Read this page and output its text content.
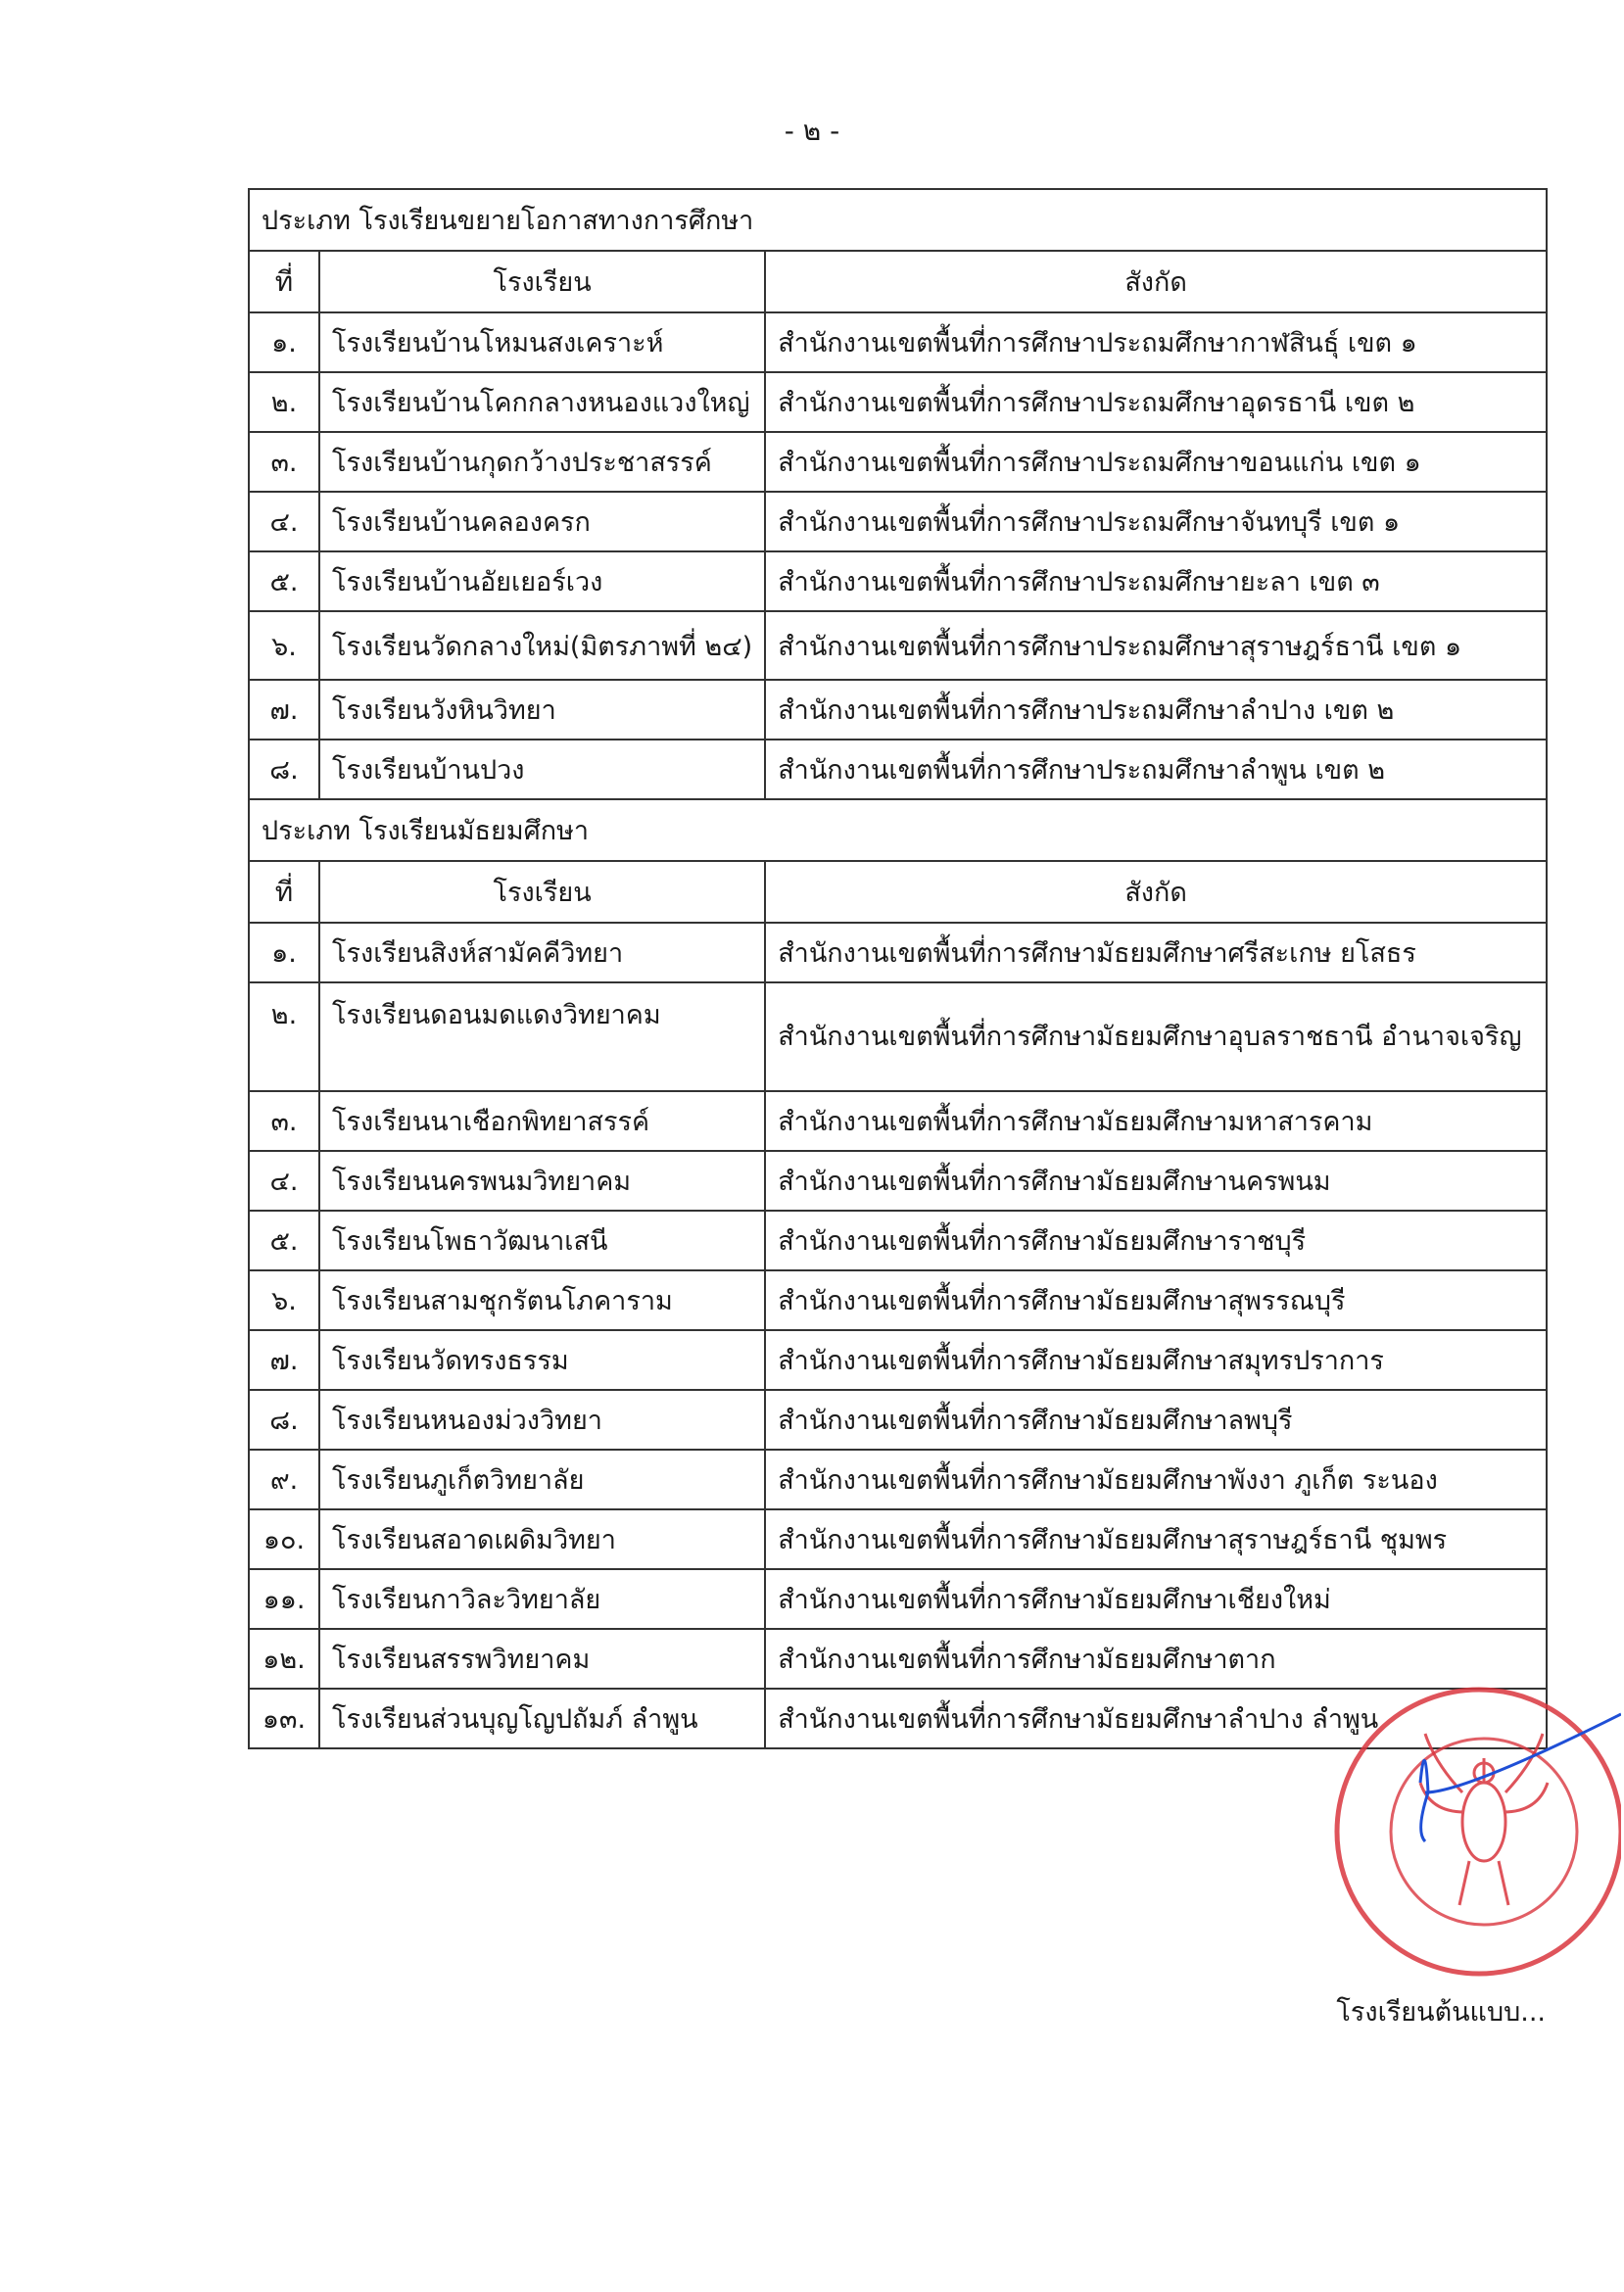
- ๒ -
ประเภท โรงเรียนขยายโอกาสทางการศึกษา		
ที่	โรงเรียน	สังกัด
๑.	โรงเรียนบ้านโหมนสงเคราะห์	สำนักงานเขตพื้นที่การศึกษาประถมศึกษากาฬสินธุ์ เขต ๑
๒.	โรงเรียนบ้านโคกกลางหนองแวงใหญ่	สำนักงานเขตพื้นที่การศึกษาประถมศึกษาอุดรธานี เขต ๒
๓.	โรงเรียนบ้านกุดกว้างประชาสรรค์	สำนักงานเขตพื้นที่การศึกษาประถมศึกษาขอนแก่น เขต ๑
๔.	โรงเรียนบ้านคลองครก	สำนักงานเขตพื้นที่การศึกษาประถมศึกษาจันทบุรี เขต ๑
๕.	โรงเรียนบ้านอัยเยอร์เวง	สำนักงานเขตพื้นที่การศึกษาประถมศึกษายะลา เขต ๓
๖.	โรงเรียนวัดกลางใหม่(มิตรภาพที่ ๒๔)	สำนักงานเขตพื้นที่การศึกษาประถมศึกษาสุราษฎร์ธานี เขต ๑
๗.	โรงเรียนวังหินวิทยา	สำนักงานเขตพื้นที่การศึกษาประถมศึกษาลำปาง เขต ๒
๘.	โรงเรียนบ้านปวง	สำนักงานเขตพื้นที่การศึกษาประถมศึกษาลำพูน เขต ๒
ประเภท โรงเรียนมัธยมศึกษา		
ที่	โรงเรียน	สังกัด
๑.	โรงเรียนสิงห์สามัคคีวิทยา	สำนักงานเขตพื้นที่การศึกษามัธยมศึกษาศรีสะเกษ ยโสธร
๒.	โรงเรียนดอนมดแดงวิทยาคม	สำนักงานเขตพื้นที่การศึกษามัธยมศึกษาอุบลราชธานี อำนาจเจริญ
๓.	โรงเรียนนาเชือกพิทยาสรรค์	สำนักงานเขตพื้นที่การศึกษามัธยมศึกษามหาสารคาม
๔.	โรงเรียนนครพนมวิทยาคม	สำนักงานเขตพื้นที่การศึกษามัธยมศึกษานครพนม
๕.	โรงเรียนโพธาวัฒนาเสนี	สำนักงานเขตพื้นที่การศึกษามัธยมศึกษาราชบุรี
๖.	โรงเรียนสามชุกรัตนโภคาราม	สำนักงานเขตพื้นที่การศึกษามัธยมศึกษาสุพรรณบุรี
๗.	โรงเรียนวัดทรงธรรม	สำนักงานเขตพื้นที่การศึกษามัธยมศึกษาสมุทรปราการ
๘.	โรงเรียนหนองม่วงวิทยา	สำนักงานเขตพื้นที่การศึกษามัธยมศึกษาลพบุรี
๙.	โรงเรียนภูเก็ตวิทยาลัย	สำนักงานเขตพื้นที่การศึกษามัธยมศึกษาพังงา ภูเก็ต ระนอง
๑๐.	โรงเรียนสอาดเผดิมวิทยา	สำนักงานเขตพื้นที่การศึกษามัธยมศึกษาสุราษฎร์ธานี ชุมพร
๑๑.	โรงเรียนกาวิละวิทยาลัย	สำนักงานเขตพื้นที่การศึกษามัธยมศึกษาเชียงใหม่
๑๒.	โรงเรียนสรรพวิทยาคม	สำนักงานเขตพื้นที่การศึกษามัธยมศึกษาตาก
๑๓.	โรงเรียนส่วนบุญโญปถัมภ์ ลำพูน	สำนักงานเขตพื้นที่การศึกษามัธยมศึกษาลำปาง ลำพูน
โรงเรียนต้นแบบ...
